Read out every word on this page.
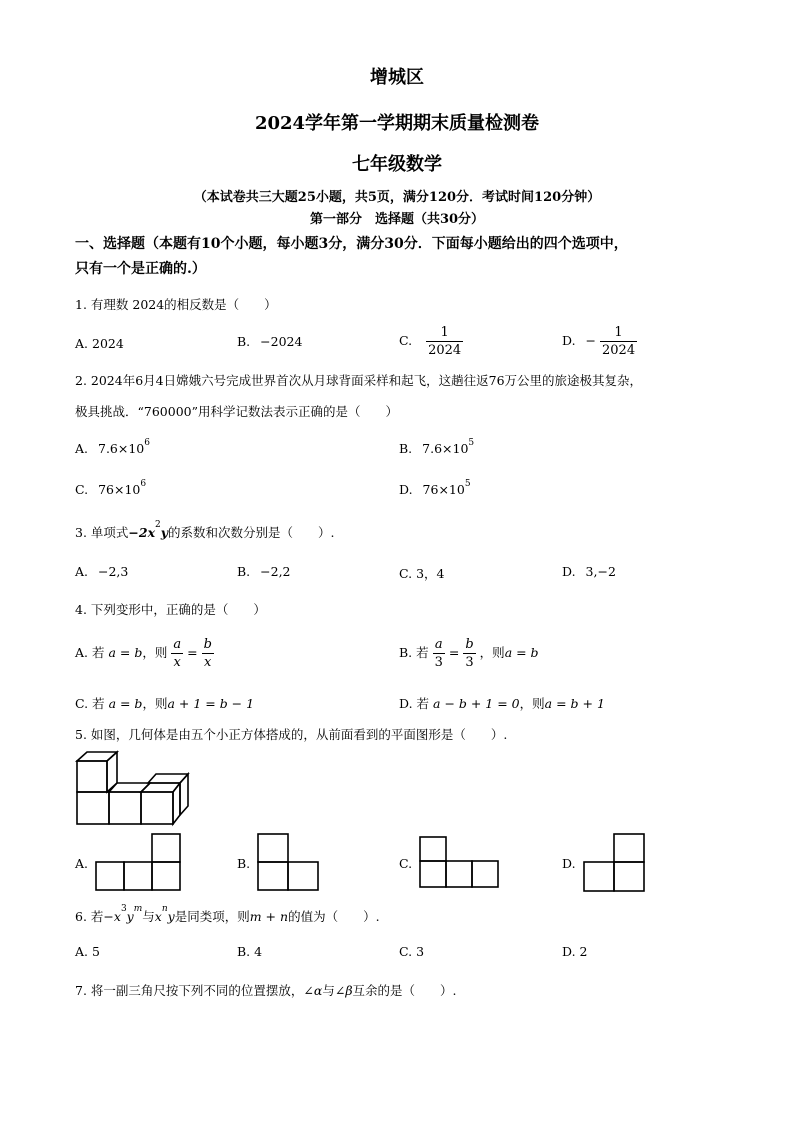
增城区
2024学年第一学期期末质量检测卷
七年级数学
（本试卷共三大题25小题，共5页，满分120分．考试时间120分钟）
第一部分　选择题（共30分）
一、选择题（本题有10个小题，每小题3分，满分30分．下面每小题给出的四个选项中，
只有一个是正确的.）
1. 有理数 2024的相反数是（　　）
A. 2024	B. −2024	C. $\frac{1}{2024}$	D. − $\frac{1}{2024}$
2. 2024年6月4日嫦娥六号完成世界首次从月球背面采样和起飞，这趟往返76万公里的旅途极其复杂，
极具挑战．“760000”用科学记数法表示正确的是（　　）
A. $7.6\times 10^6$	B. $7.6\times 10^5$
C. $76\times 10^6$	D. $76\times 10^5$
3. 单项式$-2x^2y$的系数和次数分别是（　　）.
A. −2,3	B. −2,2	C. 3，4	D. 3,−2
4. 下列变形中，正确的是（　　）
A. 若 a = b，则 $\frac{a}{x} = \frac{b}{x}$	B. 若 $\frac{a}{3} = \frac{b}{3}$ ，则a = b
C. 若 a = b，则a + 1 = b − 1	D. 若 a − b + 1 = 0，则a = b + 1
5. 如图，几何体是由五个小正方体搭成的，从前面看到的平面图形是（　　）.
A.	B.	C.	D.
6. 若$-x^3y^m$与$x^ny$是同类项，则m + n的值为（　　）.
A. 5	B. 4	C. 3	D. 2
7. 将一副三角尺按下列不同的位置摆放，∠α与∠β互余的是（　　）.
